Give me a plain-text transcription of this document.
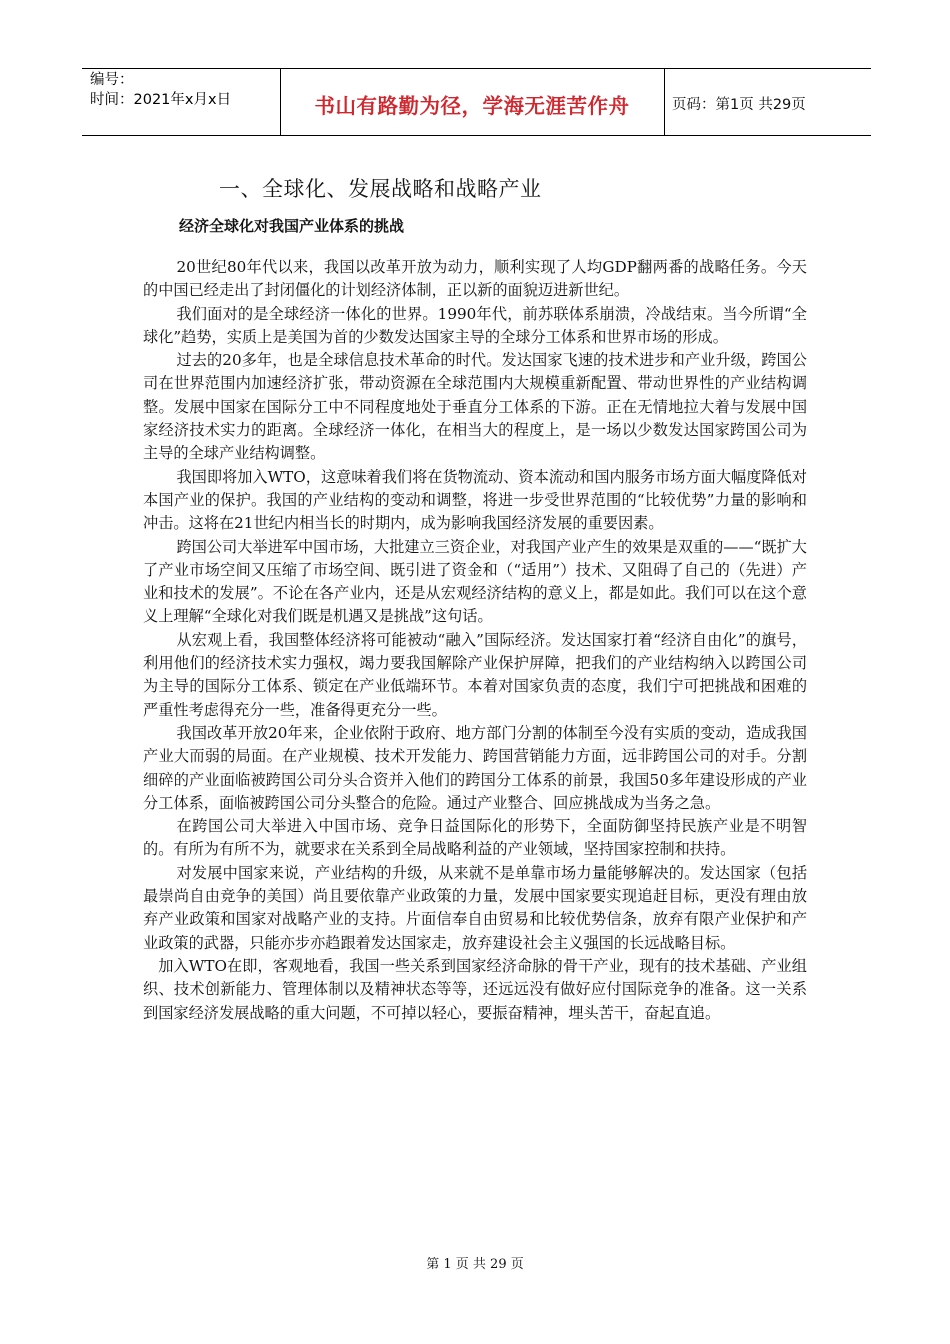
编号：
时间：2021年x月x日	书山有路勤为径，学海无涯苦作舟	页码：第1页 共29页
一、全球化、发展战略和战略产业
经济全球化对我国产业体系的挑战

20世纪80年代以来，我国以改革开放为动力，顺利实现了人均GDP翻两番的战略任务。今天的中国已经走出了封闭僵化的计划经济体制，正以新的面貌迈进新世纪。

我们面对的是全球经济一体化的世界。1990年代，前苏联体系崩溃，冷战结束。当今所谓“全球化”趋势，实质上是美国为首的少数发达国家主导的全球分工体系和世界市场的形成。

过去的20多年，也是全球信息技术革命的时代。发达国家飞速的技术进步和产业升级，跨国公司在世界范围内加速经济扩张，带动资源在全球范围内大规模重新配置、带动世界性的产业结构调整。发展中国家在国际分工中不同程度地处于垂直分工体系的下游。正在无情地拉大着与发展中国家经济技术实力的距离。全球经济一体化，在相当大的程度上，是一场以少数发达国家跨国公司为主导的全球产业结构调整。

我国即将加入WTO，这意味着我们将在货物流动、资本流动和国内服务市场方面大幅度降低对本国产业的保护。我国的产业结构的变动和调整，将进一步受世界范围的“比较优势”力量的影响和冲击。这将在21世纪内相当长的时期内，成为影响我国经济发展的重要因素。

跨国公司大举进军中国市场，大批建立三资企业，对我国产业产生的效果是双重的——“既扩大了产业市场空间又压缩了市场空间、既引进了资金和（“适用”）技术、又阻碍了自己的（先进）产业和技术的发展”。不论在各产业内，还是从宏观经济结构的意义上，都是如此。我们可以在这个意义上理解“全球化对我们既是机遇又是挑战”这句话。

从宏观上看，我国整体经济将可能被动“融入”国际经济。发达国家打着“经济自由化”的旗号，利用他们的经济技术实力强权，竭力要我国解除产业保护屏障，把我们的产业结构纳入以跨国公司为主导的国际分工体系、锁定在产业低端环节。本着对国家负责的态度，我们宁可把挑战和困难的严重性考虑得充分一些，准备得更充分一些。

我国改革开放20年来，企业依附于政府、地方部门分割的体制至今没有实质的变动，造成我国产业大而弱的局面。在产业规模、技术开发能力、跨国营销能力方面，远非跨国公司的对手。分割细碎的产业面临被跨国公司分头合资并入他们的跨国分工体系的前景，我国50多年建设形成的产业分工体系，面临被跨国公司分头整合的危险。通过产业整合、回应挑战成为当务之急。

在跨国公司大举进入中国市场、竞争日益国际化的形势下，全面防御坚持民族产业是不明智的。有所为有所不为，就要求在关系到全局战略利益的产业领域，坚持国家控制和扶持。

对发展中国家来说，产业结构的升级，从来就不是单靠市场力量能够解决的。发达国家（包括最崇尚自由竞争的美国）尚且要依靠产业政策的力量，发展中国家要实现追赶目标，更没有理由放弃产业政策和国家对战略产业的支持。片面信奉自由贸易和比较优势信条，放弃有限产业保护和产业政策的武器，只能亦步亦趋跟着发达国家走，放弃建设社会主义强国的长远战略目标。

加入WTO在即，客观地看，我国一些关系到国家经济命脉的骨干产业，现有的技术基础、产业组织、技术创新能力、管理体制以及精神状态等等，还远远没有做好应付国际竞争的准备。这一关系到国家经济发展战略的重大问题，不可掉以轻心，要振奋精神，埋头苦干，奋起直追。

第 1 页 共 29 页
